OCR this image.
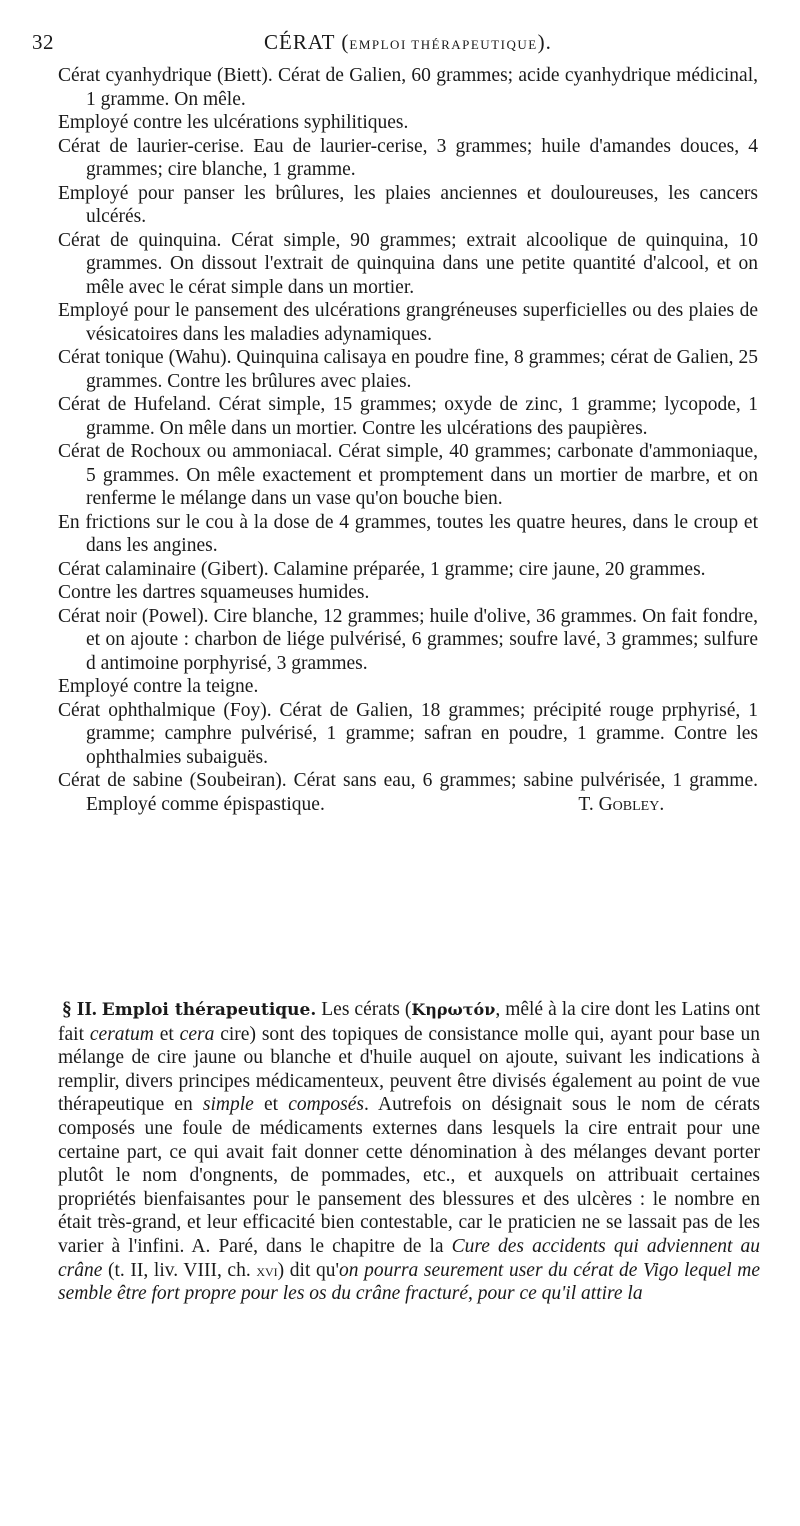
32	CÉRAT (EMPLOI THÉRAPEUTIQUE).

Cérat cyanhydrique (Biett). Cérat de Galien, 60 grammes; acide cyanhydrique médicinal, 1 gramme. On mêle.

Employé contre les ulcérations syphilitiques.

Cérat de laurier-cerise. Eau de laurier-cerise, 3 grammes; huile d'amandes douces, 4 grammes; cire blanche, 1 gramme.

Employé pour panser les brûlures, les plaies anciennes et douloureuses, les cancers ulcérés.

Cérat de quinquina. Cérat simple, 90 grammes; extrait alcoolique de quinquina, 10 grammes. On dissout l'extrait de quinquina dans une petite quantité d'alcool, et on mêle avec le cérat simple dans un mortier.

Employé pour le pansement des ulcérations grangréneuses superficielles ou des plaies de vésicatoires dans les maladies adynamiques.

Cérat tonique (Wahu). Quinquina calisaya en poudre fine, 8 grammes; cérat de Galien, 25 grammes. Contre les brûlures avec plaies.

Cérat de Hufeland. Cérat simple, 15 grammes; oxyde de zinc, 1 gramme; lycopode, 1 gramme. On mêle dans un mortier. Contre les ulcérations des paupières.

Cérat de Rochoux ou ammoniacal. Cérat simple, 40 grammes; carbonate d'ammoniaque, 5 grammes. On mêle exactement et promptement dans un mortier de marbre, et on renferme le mélange dans un vase qu'on bouche bien.

En frictions sur le cou à la dose de 4 grammes, toutes les quatre heures, dans le croup et dans les angines.

Cérat calaminaire (Gibert). Calamine préparée, 1 gramme; cire jaune, 20 grammes.

Contre les dartres squameuses humides.

Cérat noir (Powel). Cire blanche, 12 grammes; huile d'olive, 36 grammes. On fait fondre, et on ajoute : charbon de liége pulvérisé, 6 grammes; soufre lavé, 3 grammes; sulfure d antimoine porphyrisé, 3 grammes.

Employé contre la teigne.

Cérat ophthalmique (Foy). Cérat de Galien, 18 grammes; précipité rouge prphyrisé, 1 gramme; camphre pulvérisé, 1 gramme; safran en poudre, 1 gramme. Contre les ophthalmies subaiguës.

Cérat de sabine (Soubeiran). Cérat sans eau, 6 grammes; sabine pulvérisée, 1 gramme. Employé comme épispastique.	T. Gobley.

§ II. Emploi thérapeutique. Les cérats (Κηρωτόν, mêlé à la cire dont les Latins ont fait ceratum et cera cire) sont des topiques de consistance molle qui, ayant pour base un mélange de cire jaune ou blanche et d'huile auquel on ajoute, suivant les indications à remplir, divers principes médicamenteux, peuvent être divisés également au point de vue thérapeutique en simple et composés. Autrefois on désignait sous le nom de cérats composés une foule de médicaments externes dans lesquels la cire entrait pour une certaine part, ce qui avait fait donner cette dénomination à des mélanges devant porter plutôt le nom d'ongnents, de pommades, etc., et auxquels on attribuait certaines propriétés bienfaisantes pour le pansement des blessures et des ulcères : le nombre en était très-grand, et leur efficacité bien contestable, car le praticien ne se lassait pas de les varier à l'infini. A. Paré, dans le chapitre de la Cure des accidents qui adviennent au crâne (t. II, liv. VIII, ch. xvi) dit qu'on pourra seurement user du cérat de Vigo lequel me semble être fort propre pour les os du crâne fracturé, pour ce qu'il attire la

... ..... ... .... ... .. .... .. ... . .
